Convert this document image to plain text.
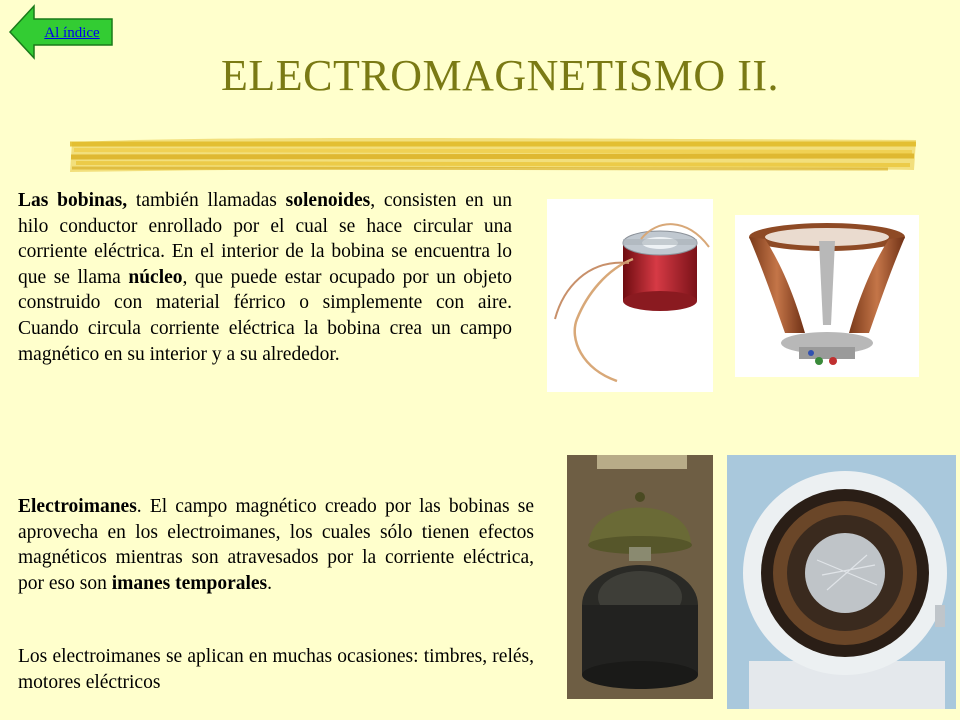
Al índice
ELECTROMAGNETISMO II.

Las bobinas, también llamadas solenoides, consisten en un hilo conductor enrollado por el cual se hace circular una corriente eléctrica. En el interior de la bobina se encuentra lo que se llama núcleo, que puede estar ocupado por un objeto construido con material férrico o simplemente con aire. Cuando circula corriente eléctrica la bobina crea un campo magnético en su interior y a su alrededor.

Electroimanes. El campo magnético creado por las bobinas se aprovecha en los electroimanes, los cuales sólo tienen efectos magnéticos mientras son atravesados por la corriente eléctrica, por eso son imanes temporales.

Los electroimanes se aplican en muchas ocasiones: timbres, relés, motores eléctricos
